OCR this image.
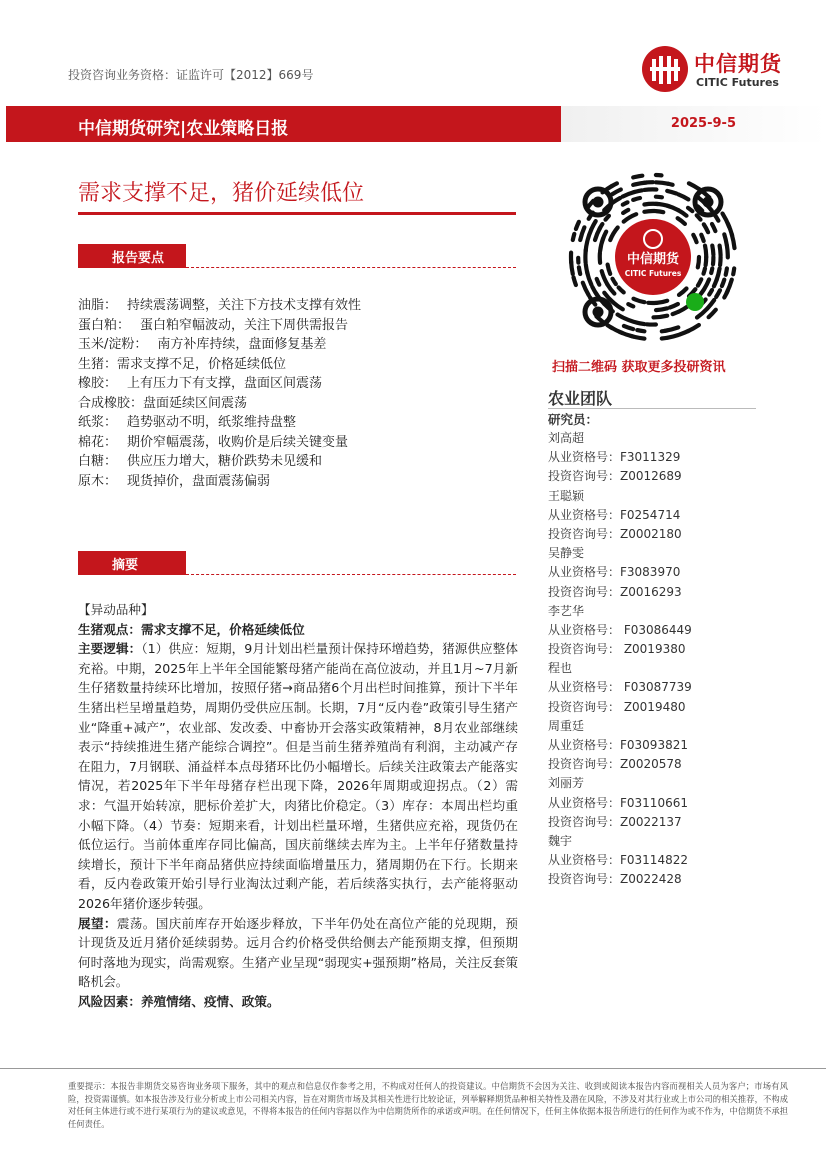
投资咨询业务资格：证监许可【2012】669号	中信期货
CITIC Futures
中信期货研究|农业策略日报	2025-9-5
需求支撑不足，猪价延续低位
报告要点
油脂： 持续震荡调整，关注下方技术支撑有效性
蛋白粕： 蛋白粕窄幅波动，关注下周供需报告
玉米/淀粉： 南方补库持续，盘面修复基差
生猪：需求支撑不足，价格延续低位
橡胶： 上有压力下有支撑，盘面区间震荡
合成橡胶：盘面延续区间震荡
纸浆： 趋势驱动不明，纸浆维持盘整
棉花： 期价窄幅震荡，收购价是后续关键变量
白糖： 供应压力增大，糖价跌势未见缓和
原木： 现货掉价，盘面震荡偏弱
摘要

【异动品种】

生猪观点：需求支撑不足，价格延续低位

主要逻辑：（1）供应：短期，9月计划出栏量预计保持环增趋势，猪源供应整体充裕。中期，2025年上半年全国能繁母猪产能尚在高位波动，并且1月~7月新生仔猪数量持续环比增加，按照仔猪→商品猪6个月出栏时间推算，预计下半年生猪出栏呈增量趋势，周期仍受供应压制。长期，7月“反内卷”政策引导生猪产业“降重+减产”，农业部、发改委、中畜协开会落实政策精神，8月农业部继续表示“持续推进生猪产能综合调控”。但是当前生猪养殖尚有利润，主动减产存在阻力，7月钢联、涌益样本点母猪环比仍小幅增长。后续关注政策去产能落实情况，若2025年下半年母猪存栏出现下降，2026年周期或迎拐点。（2）需求：气温开始转凉，肥标价差扩大，肉猪比价稳定。（3）库存：本周出栏均重小幅下降。（4）节奏：短期来看，计划出栏量环增，生猪供应充裕，现货仍在低位运行。当前体重库存同比偏高，国庆前继续去库为主。上半年仔猪数量持续增长，预计下半年商品猪供应持续面临增量压力，猪周期仍在下行。长期来看，反内卷政策开始引导行业淘汰过剩产能，若后续落实执行，去产能将驱动2026年猪价逐步转强。

展望：震荡。国庆前库存开始逐步释放，下半年仍处在高位产能的兑现期，预计现货及近月猪价延续弱势。远月合约价格受供给侧去产能预期支撑，但预期何时落地为现实，尚需观察。生猪产业呈现“弱现实+强预期”格局，关注反套策略机会。

风险因素：养殖情绪、疫情、政策。

中信期货
CITIC Futures
扫描二维码 获取更多投研资讯
农业团队
研究员：
刘高超
从业资格号：F3011329
投资咨询号：Z0012689
王聪颖
从业资格号：F0254714
投资咨询号：Z0002180
吴静雯
从业资格号：F3083970
投资咨询号：Z0016293
李艺华
从业资格号： F03086449
投资咨询号： Z0019380
程也
从业资格号： F03087739
投资咨询号： Z0019480
周重廷
从业资格号：F03093821
投资咨询号：Z0020578
刘丽芳
从业资格号：F03110661
投资咨询号：Z0022137
魏宇
从业资格号：F03114822
投资咨询号：Z0022428
重要提示：本报告非期货交易咨询业务项下服务，其中的观点和信息仅作参考之用，不构成对任何人的投资建议。中信期货不会因为关注、收到或阅读本报告内容而视相关人员为客户；市场有风险，投资需谨慎。如本报告涉及行业分析或上市公司相关内容，旨在对期货市场及其相关性进行比较论证，列举解释期货品种相关特性及潜在风险，不涉及对其行业或上市公司的相关推荐，不构成对任何主体进行或不进行某项行为的建议或意见，不得将本报告的任何内容据以作为中信期货所作的承诺或声明。在任何情况下，任何主体依据本报告所进行的任何作为或不作为，中信期货不承担任何责任。
